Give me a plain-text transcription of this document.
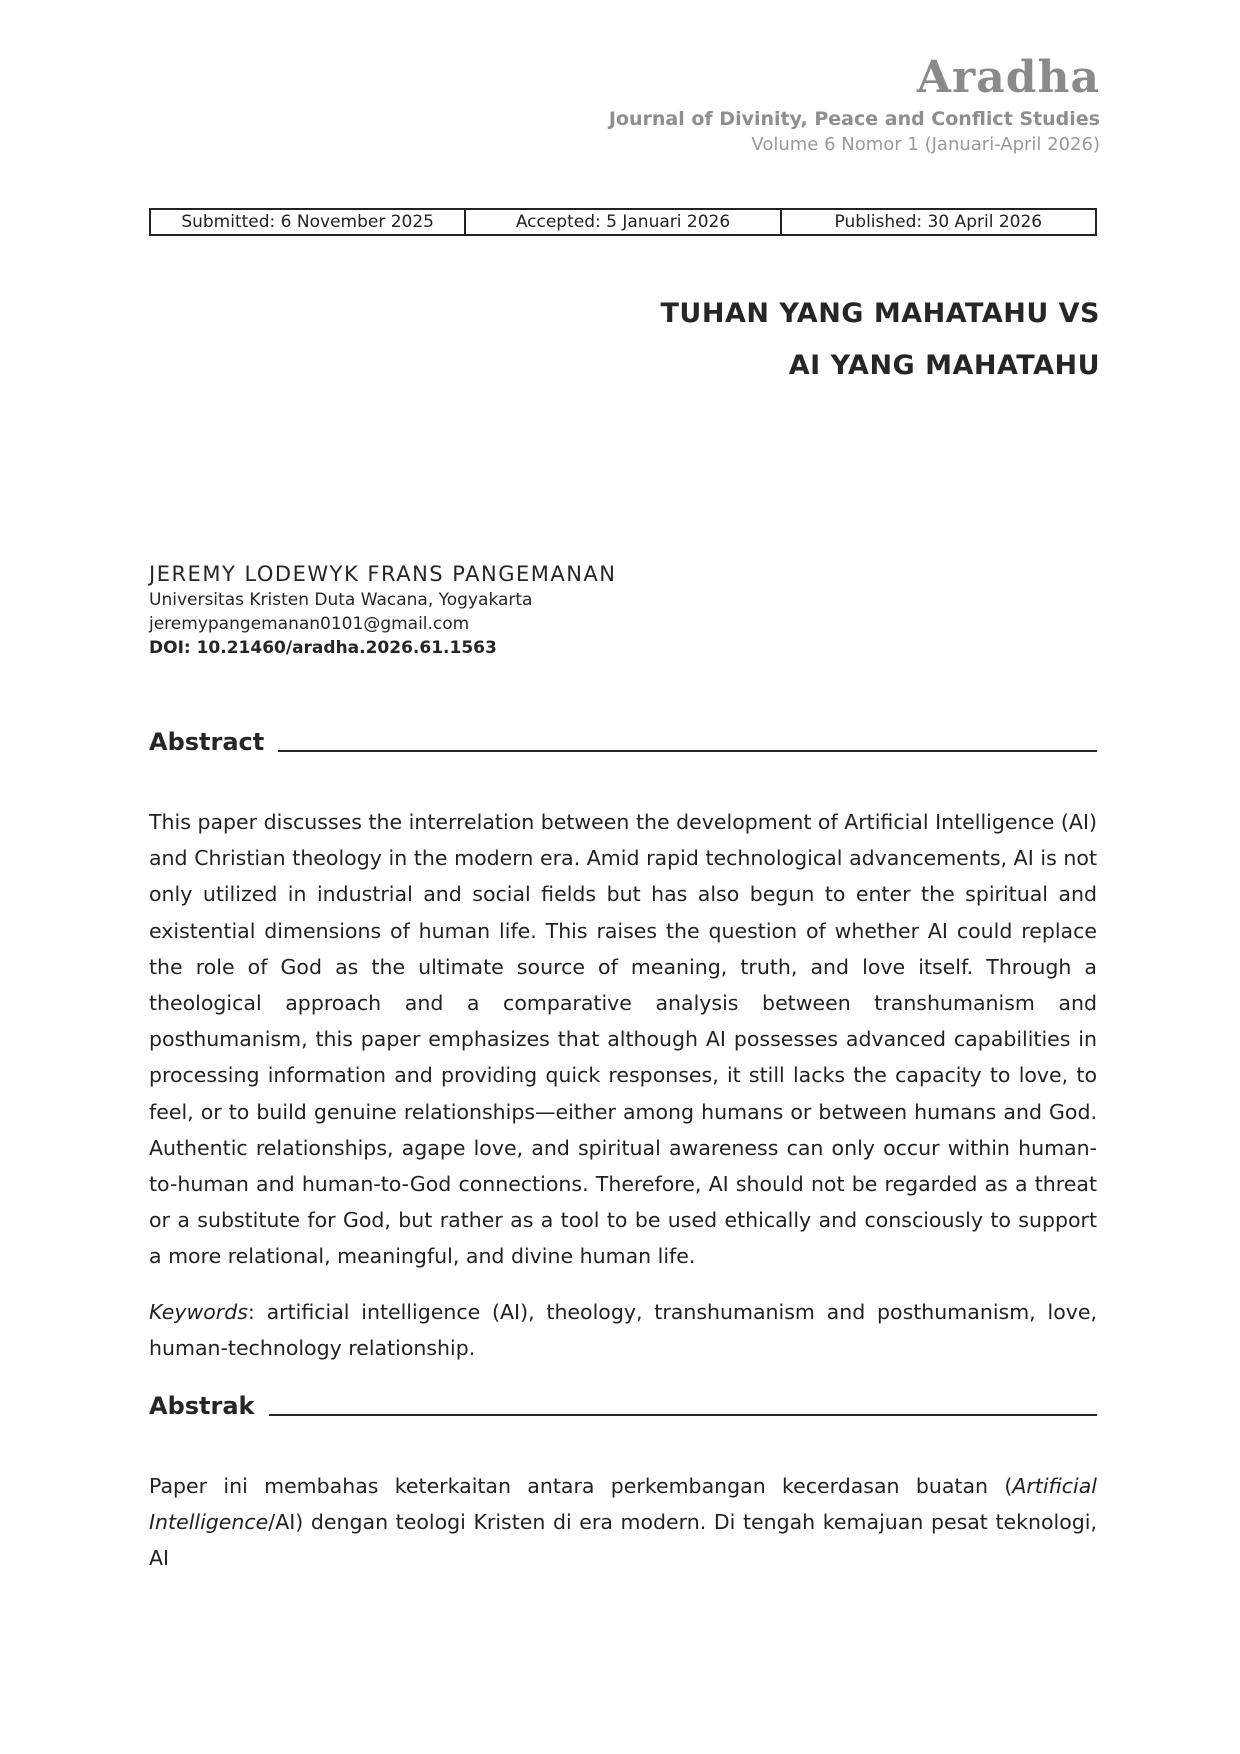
Aradha
Journal of Divinity, Peace and Conflict Studies
Volume 6 Nomor 1 (Januari-April 2026)
Submitted: 6 November 2025	Accepted: 5 Januari 2026	Published: 30 April 2026
TUHAN YANG MAHATAHU VS
AI YANG MAHATAHU
JEREMY LODEWYK FRANS PANGEMANAN
Universitas Kristen Duta Wacana, Yogyakarta
jeremypangemanan0101@gmail.com
DOI: 10.21460/aradha.2026.61.1563
Abstract
This paper discusses the interrelation between the development of Artificial Intelligence (AI) and Christian theology in the modern era. Amid rapid technological advancements, AI is not only utilized in industrial and social fields but has also begun to enter the spiritual and existential dimensions of human life. This raises the question of whether AI could replace the role of God as the ultimate source of meaning, truth, and love itself. Through a theological approach and a comparative analysis between transhumanism and posthumanism, this paper emphasizes that although AI possesses advanced capabilities in processing information and providing quick responses, it still lacks the capacity to love, to feel, or to build genuine relationships—either among humans or between humans and God. Authentic relationships, agape love, and spiritual awareness can only occur within human-to-human and human-to-God connections. Therefore, AI should not be regarded as a threat or a substitute for God, but rather as a tool to be used ethically and consciously to support a more relational, meaningful, and divine human life.
Keywords: artificial intelligence (AI), theology, transhumanism and posthumanism, love, human-technology relationship.
Abstrak
Paper ini membahas keterkaitan antara perkembangan kecerdasan buatan (Artificial Intelligence/AI) dengan teologi Kristen di era modern. Di tengah kemajuan pesat teknologi, AI
